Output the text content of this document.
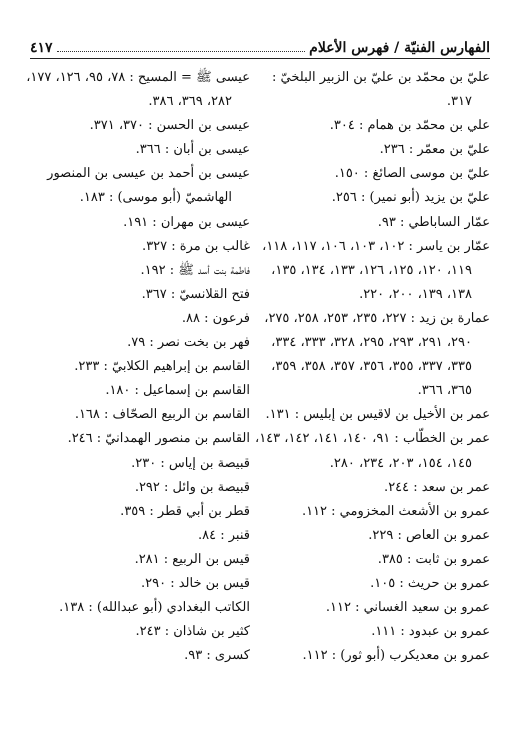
الفهارس الفنيّة / فهرس الأعلام
٤١٧
عليّ بن محمّد بن عليّ بن الزبير البلخيّ :
٣١٧.
علي بن محمّد بن همام : ٣٠٤.
عليّ بن معمّر : ٢٣٦.
عليّ بن موسى الصائغ : ١٥٠.
عليّ بن يزيد (أبو نمير) : ٢٥٦.
عمّار الساباطي : ٩٣.
عمّار بن ياسر : ١٠٢، ١٠٣، ١٠٦، ١١٧، ١١٨،
١١٩، ١٢٠، ١٢٥، ١٢٦، ١٣٣، ١٣٤، ١٣٥،
١٣٨، ١٣٩، ٢٠٠، ٢٢٠.
عمارة بن زيد : ٢٢٧، ٢٣٥، ٢٥٣، ٢٥٨، ٢٧٥،
٢٩٠، ٢٩١، ٢٩٣، ٢٩٥، ٣٢٨، ٣٣٣، ٣٣٤،
٣٣٥، ٣٣٧، ٣٥٥، ٣٥٦، ٣٥٧، ٣٥٨، ٣٥٩،
٣٦٥، ٣٦٦.
عمر بن الأخيل بن لاقيس بن إبليس : ١٣١.
عمر بن الخطّاب : ٩١، ١٤٠، ١٤١، ١٤٢، ١٤٣،
١٤٥، ١٥٤، ٢٠٣، ٢٣٤، ٢٨٠.
عمر بن سعد : ٢٤٤.
عمرو بن الأشعث المخزومي : ١١٢.
عمرو بن العاص : ٢٢٩.
عمرو بن ثابت : ٣٨٥.
عمرو بن حريث : ١٠٥.
عمرو بن سعيد الغساني : ١١٢.
عمرو بن عبدود : ١١١.
عمرو بن معديكرب (أبو ثور) : ١١٢.
عيسى ﷺ = المسيح : ٧٨، ٩٥، ١٢٦، ١٧٧،
٢٨٢، ٣٦٩، ٣٨٦.
عيسى بن الحسن : ٣٧٠، ٣٧١.
عيسى بن أبان : ٣٦٦.
عيسى بن أحمد بن عيسى بن المنصور
الهاشميّ (أبو موسى) : ١٨٣.
عيسى بن مهران : ١٩١.
غالب بن مرة : ٣٢٧.
فاطمة بنت أسد ﷺ : ١٩٢.
فتح القلانسيّ : ٣٦٧.
فرعون : ٨٨.
فهر بن بخت نصر : ٧٩.
القاسم بن إبراهيم الكلابيّ : ٢٣٣.
القاسم بن إسماعيل : ١٨٠.
القاسم بن الربيع الصحّاف : ١٦٨.
القاسم بن منصور الهمدانيّ : ٢٤٦.
قبيصة بن إياس : ٢٣٠.
قبيصة بن وائل : ٢٩٢.
قطر بن أبي قطر : ٣٥٩.
قنبر : ٨٤.
قيس بن الربيع : ٢٨١.
قيس بن خالد : ٢٩٠.
الكاتب البغدادي (أبو عبدالله) : ١٣٨.
كثير بن شاذان : ٢٤٣.
كسرى : ٩٣.
